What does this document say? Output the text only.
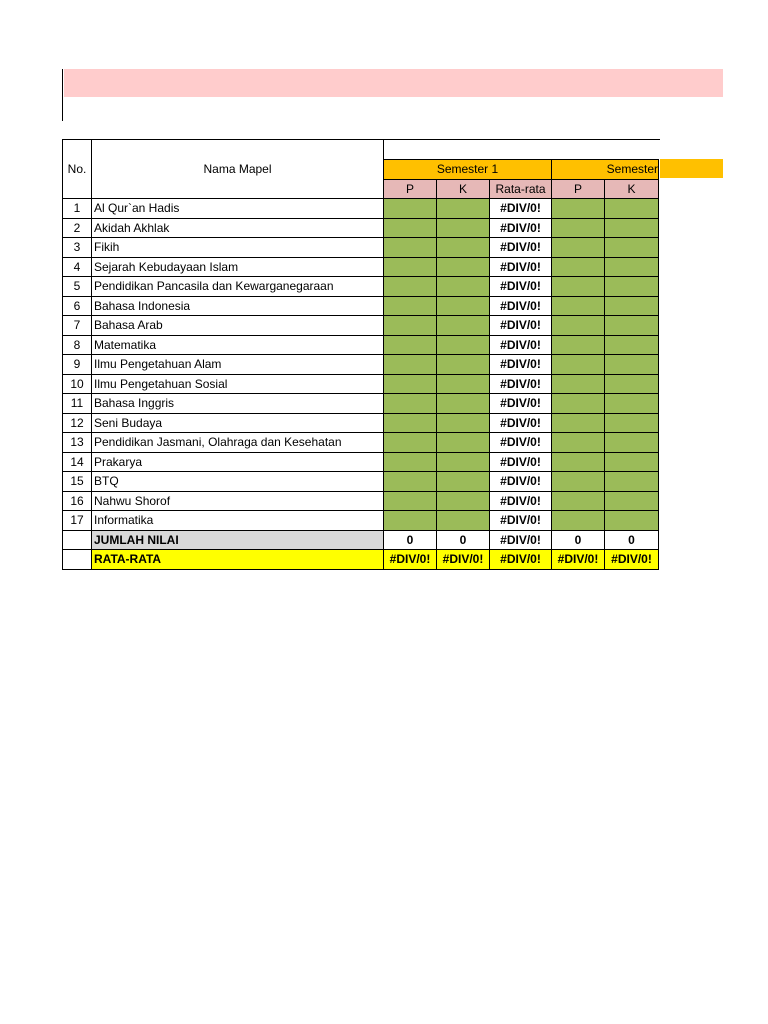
No.	Nama Mapel					
		Semester 1			Semester	
		P	K	Rata-rata	P	K
1	Al Qur`an Hadis			#DIV/0!		
2	Akidah Akhlak			#DIV/0!		
3	Fikih			#DIV/0!		
4	Sejarah Kebudayaan Islam			#DIV/0!		
5	Pendidikan Pancasila dan Kewarganegaraan			#DIV/0!		
6	Bahasa Indonesia			#DIV/0!		
7	Bahasa Arab			#DIV/0!		
8	Matematika			#DIV/0!		
9	Ilmu Pengetahuan Alam			#DIV/0!		
10	Ilmu Pengetahuan Sosial			#DIV/0!		
11	Bahasa Inggris			#DIV/0!		
12	Seni Budaya			#DIV/0!		
13	Pendidikan Jasmani, Olahraga dan Kesehatan			#DIV/0!		
14	Prakarya			#DIV/0!		
15	BTQ			#DIV/0!		
16	Nahwu Shorof			#DIV/0!		
17	Informatika			#DIV/0!		
	JUMLAH NILAI	0	0	#DIV/0!	0	0
	RATA-RATA	#DIV/0!	#DIV/0!	#DIV/0!	#DIV/0!	#DIV/0!
